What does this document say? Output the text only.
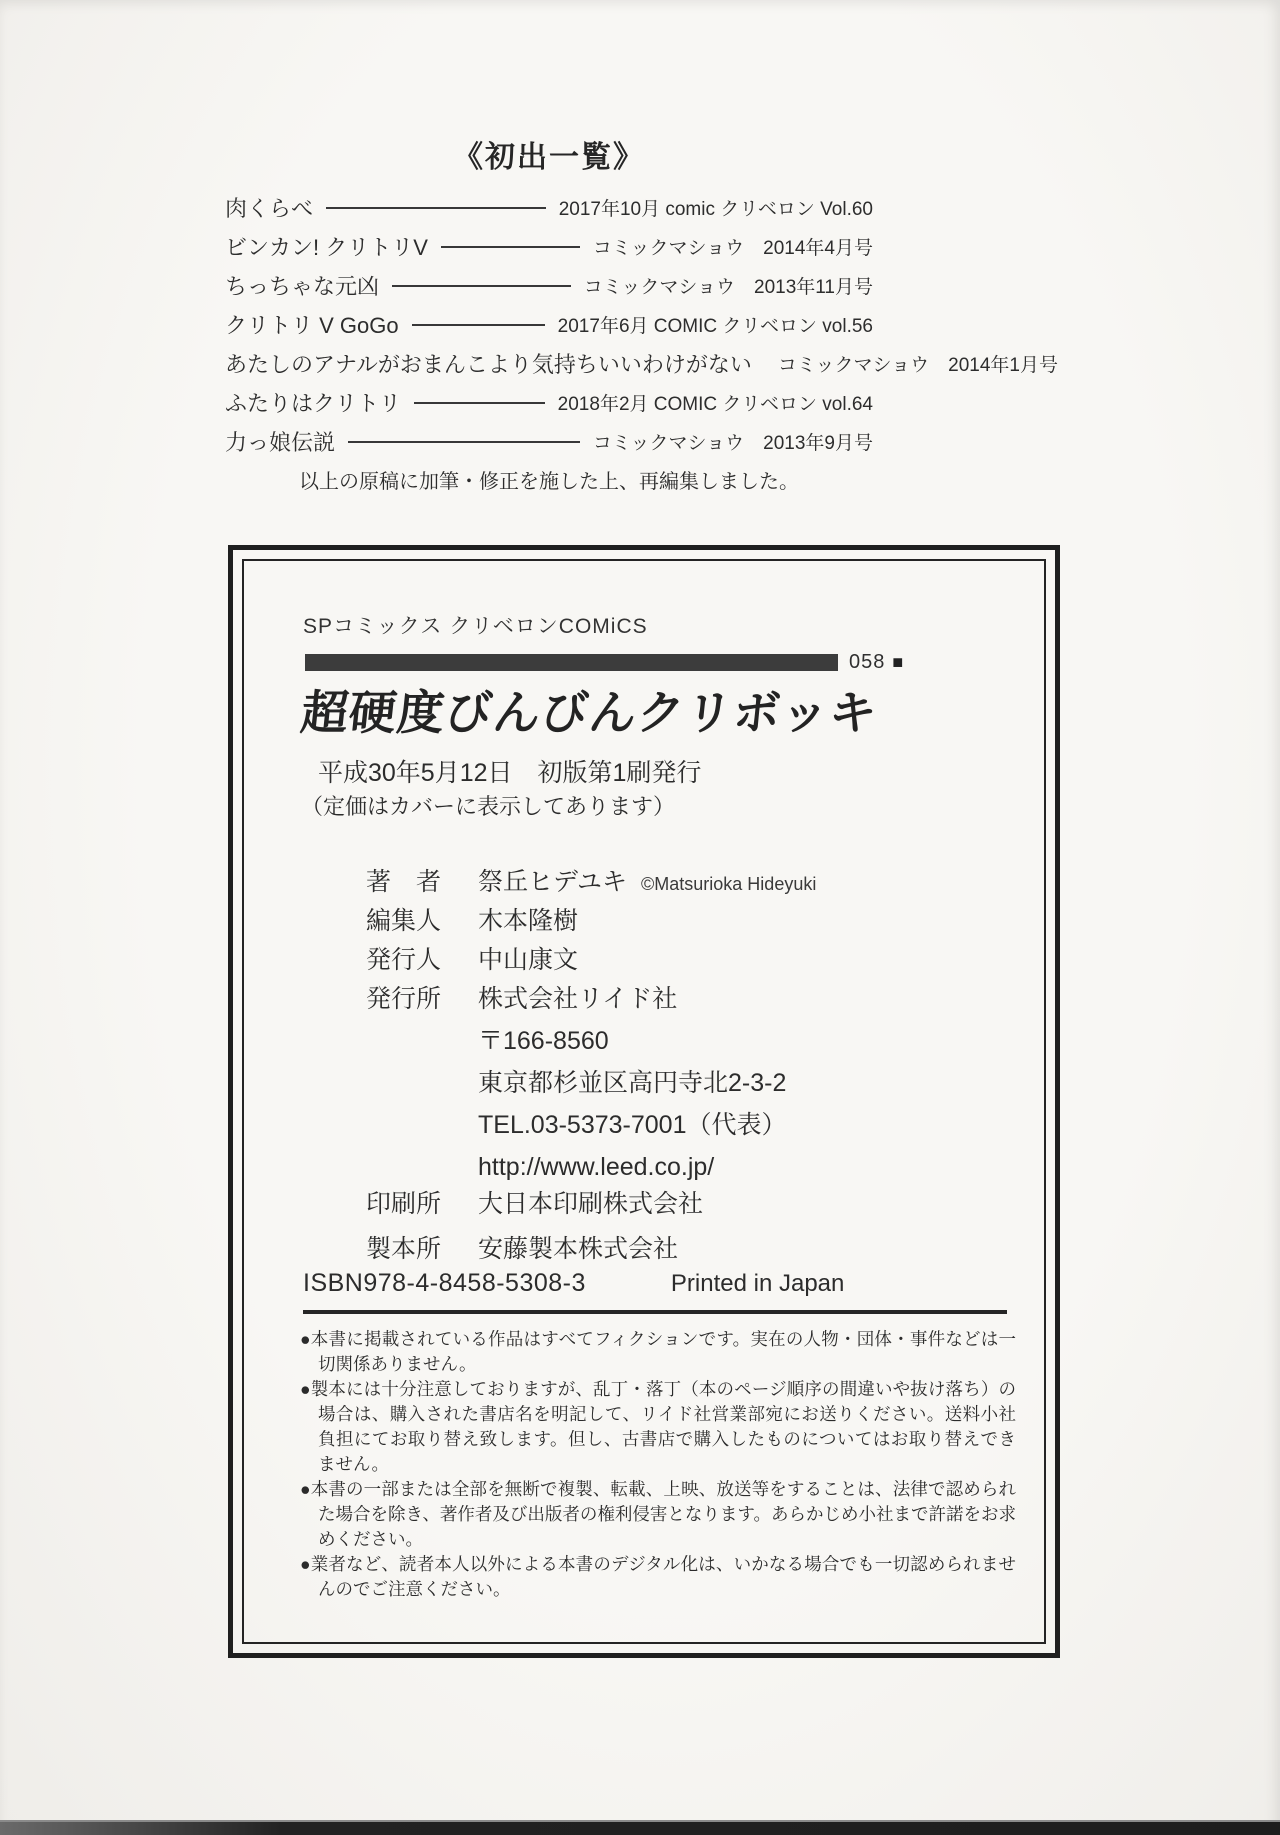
《初出一覧》
肉くらべ	2017年10月 comic クリベロン Vol.60
ビンカン! クリトリV	コミックマショウ　2014年4月号
ちっちゃな元凶	コミックマショウ　2013年11月号
クリトリ V GoGo	2017年6月 COMIC クリベロン vol.56
あたしのアナルがおまんこより気持ちいいわけがない コミックマショウ　2014年1月号
ふたりはクリトリ	2018年2月 COMIC クリベロン vol.64
力っ娘伝説	コミックマショウ　2013年9月号
以上の原稿に加筆・修正を施した上、再編集しました。
SPコミックス クリベロンCOMiCS
058 ■
超硬度びんびんクリボッキ
平成30年5月12日　初版第1刷発行
（定価はカバーに表示してあります）
著　者 祭丘ヒデユキ ©Matsurioka Hideyuki
編集人 木本隆樹
発行人 中山康文
発行所 株式会社リイド社
〒166-8560
東京都杉並区高円寺北2-3-2
TEL.03-5373-7001（代表）
http://www.leed.co.jp/
印刷所 大日本印刷株式会社
製本所 安藤製本株式会社
ISBN978-4-8458-5308-3	Printed in Japan

●本書に掲載されている作品はすべてフィクションです。実在の人物・団体・事件などは一切関係ありません。

●製本には十分注意しておりますが、乱丁・落丁（本のページ順序の間違いや抜け落ち）の場合は、購入された書店名を明記して、リイド社営業部宛にお送りください。送料小社負担にてお取り替え致します。但し、古書店で購入したものについてはお取り替えできません。

●本書の一部または全部を無断で複製、転載、上映、放送等をすることは、法律で認められた場合を除き、著作者及び出版者の権利侵害となります。あらかじめ小社まで許諾をお求めください。

●業者など、読者本人以外による本書のデジタル化は、いかなる場合でも一切認められませんのでご注意ください。
